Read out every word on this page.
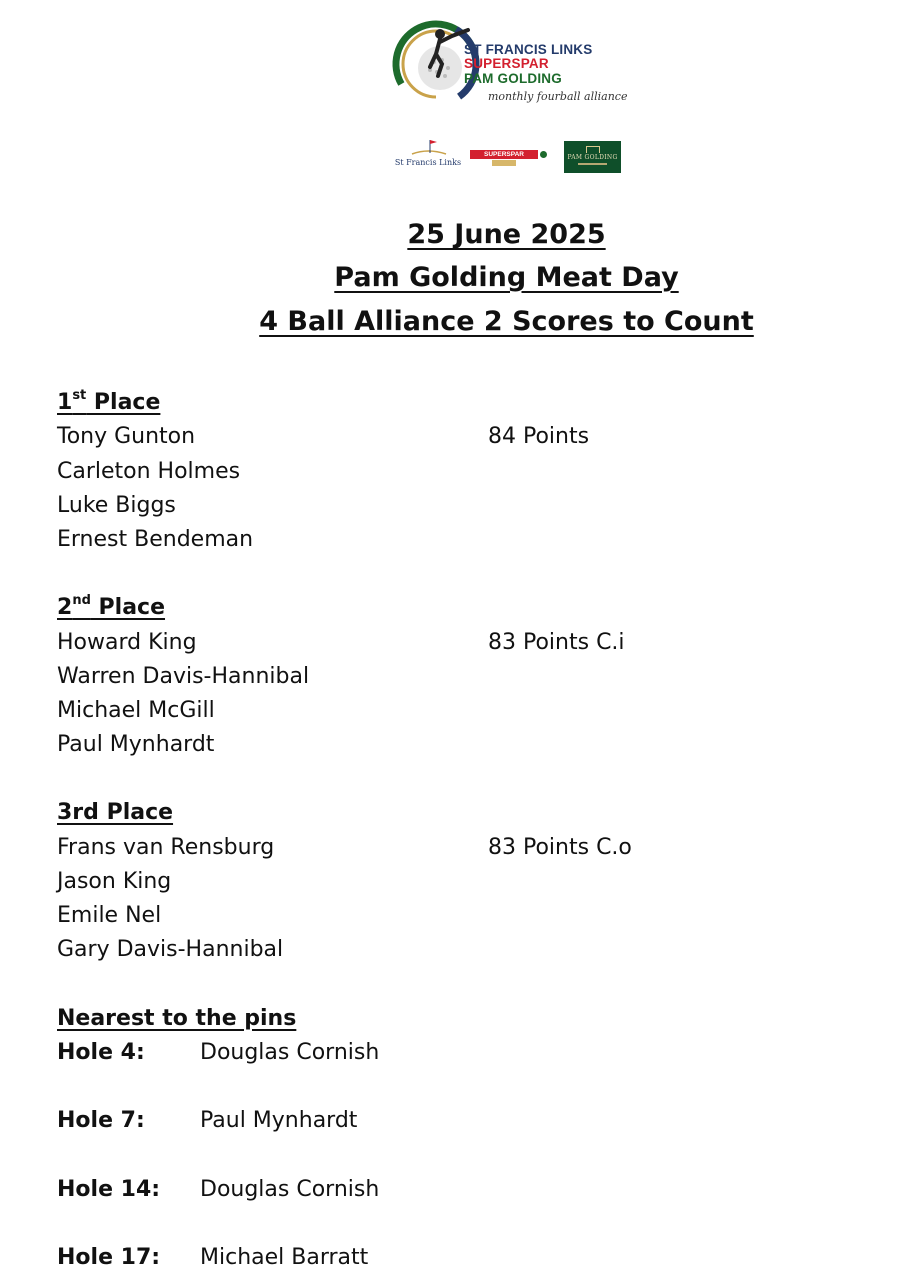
ST FRANCIS LINKS
SUPERSPAR
PAM GOLDING
monthly fourball alliance
St Francis Links
SUPERSPAR	PAM GOLDING
25 June 2025
Pam Golding Meat Day
4 Ball Alliance 2 Scores to Count
1st Place
Tony Gunton	84 Points
Carleton Holmes
Luke Biggs
Ernest Bendeman
2nd Place
Howard King	83 Points C.i
Warren Davis-Hannibal
Michael McGill
Paul Mynhardt
3rd Place
Frans van Rensburg	83 Points C.o
Jason King
Emile Nel
Gary Davis-Hannibal
Nearest to the pins
Hole 4:	Douglas Cornish
Hole 7:	Paul Mynhardt
Hole 14: Douglas Cornish
Hole 17: Michael Barratt
